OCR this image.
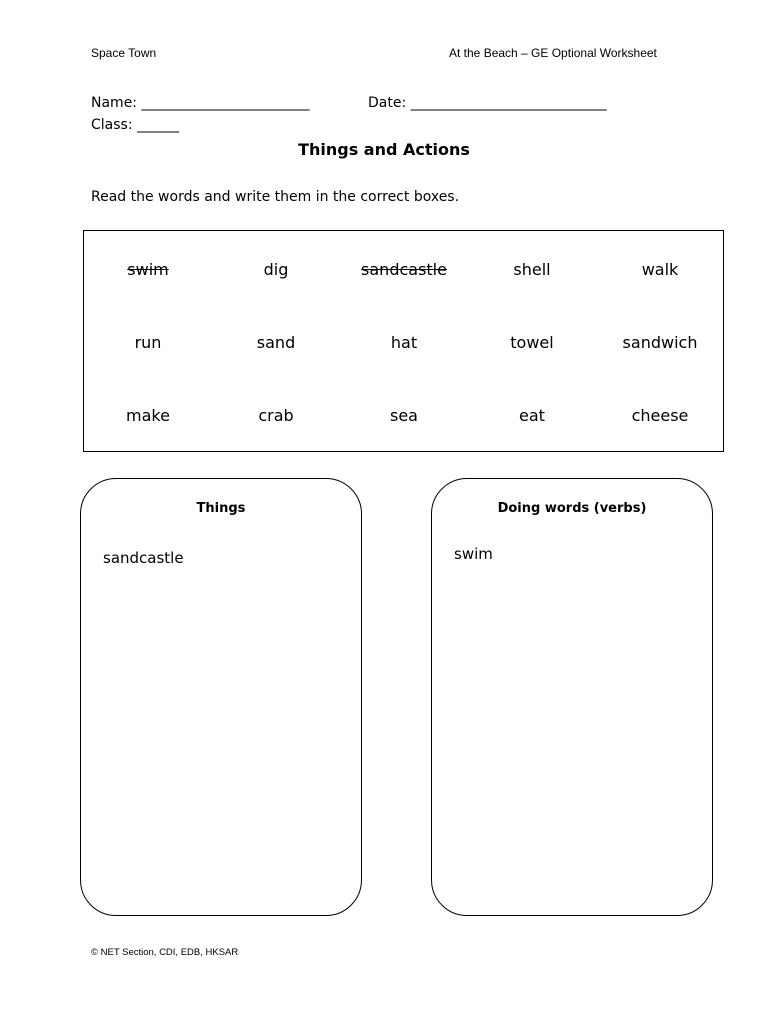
Space Town	At the Beach – GE Optional Worksheet
Name: ________________________	Date: ____________________________
Class: ______
Things and Actions
Read the words and write them in the correct boxes.
swim	dig	sandcastle	shell	walk
run	sand	hat	towel	sandwich
make	crab	sea	eat	cheese
Things
sandcastle
Doing words (verbs)
swim
© NET Section, CDI, EDB, HKSAR
